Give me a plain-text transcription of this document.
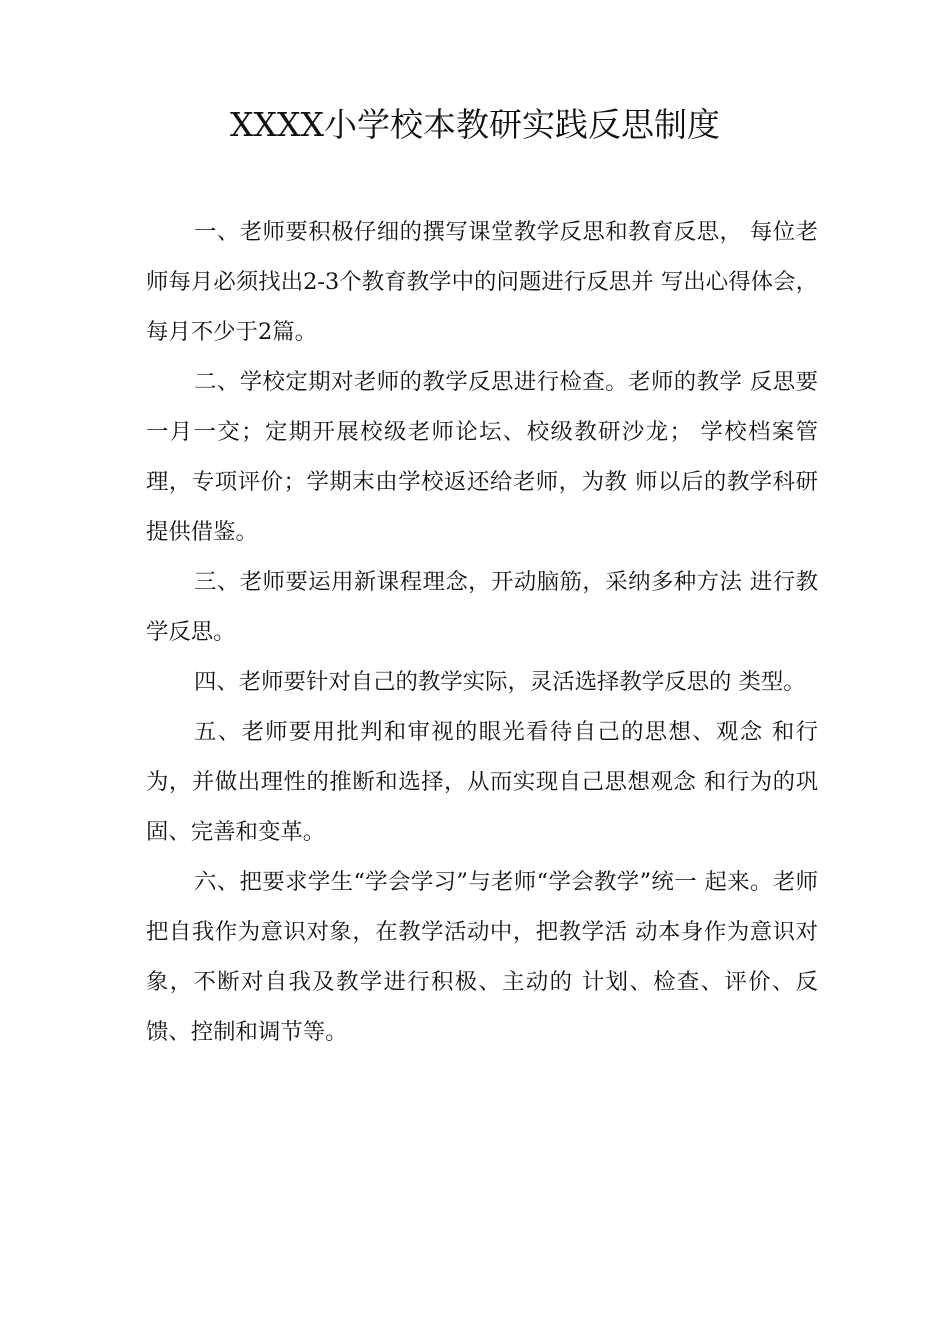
XXXX小学校本教研实践反思制度

一、老师要积极仔细的撰写课堂教学反思和教育反思， 每位老师每月必须找出2-3个教育教学中的问题进行反思并 写出心得体会，每月不少于2篇。

二、学校定期对老师的教学反思进行检查。老师的教学 反思要一月一交；定期开展校级老师论坛、校级教研沙龙； 学校档案管理，专项评价；学期末由学校返还给老师，为教 师以后的教学科研提供借鉴。

三、老师要运用新课程理念，开动脑筋，采纳多种方法 进行教学反思。

四、老师要针对自己的教学实际，灵活选择教学反思的 类型。

五、老师要用批判和审视的眼光看待自己的思想、观念 和行为，并做出理性的推断和选择，从而实现自己思想观念 和行为的巩固、完善和变革。

六、把要求学生“学会学习”与老师“学会教学”统一 起来。老师把自我作为意识对象，在教学活动中，把教学活 动本身作为意识对象，不断对自我及教学进行积极、主动的 计划、检查、评价、反馈、控制和调节等。
